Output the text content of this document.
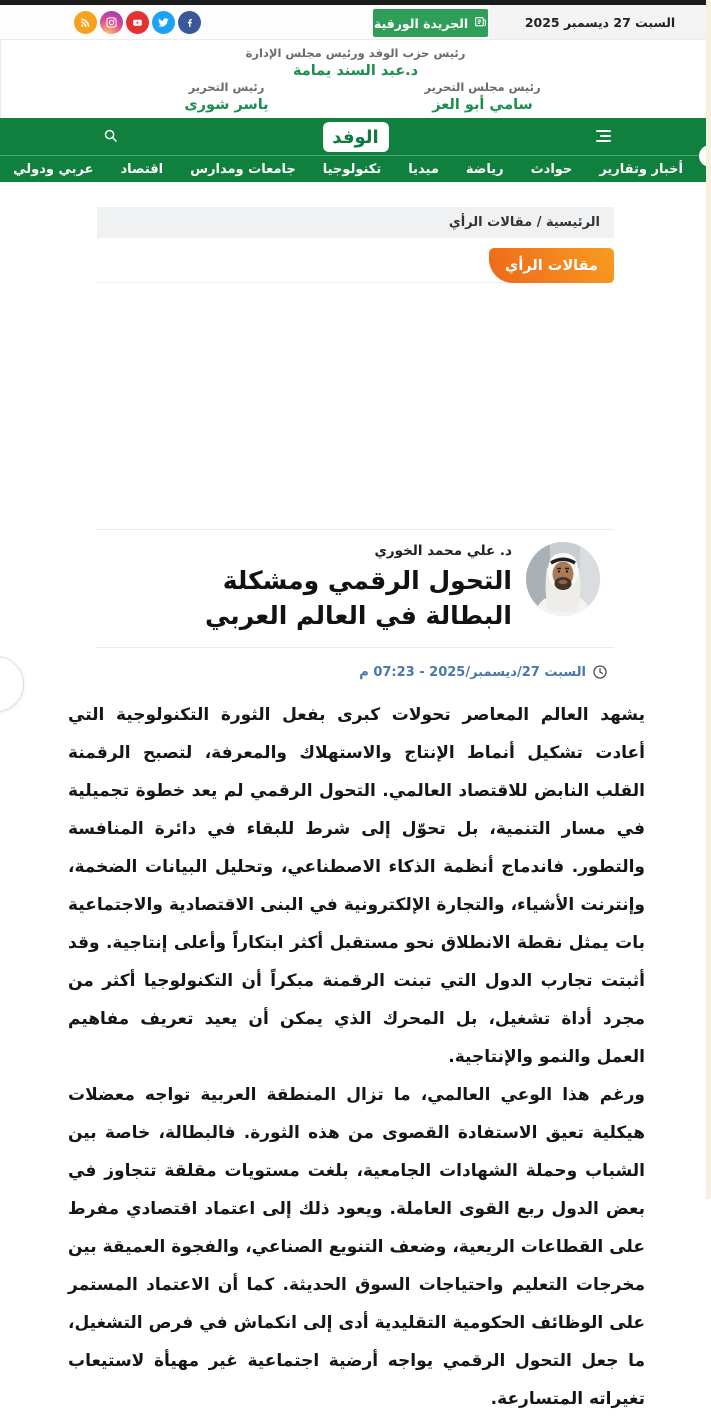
الجريدة الورقية	السبت 27 ديسمبر 2025
رئيس حزب الوفد ورئيس مجلس الإدارة
د.عبد السند يمامة
رئيس مجلس التحرير
سامي أبو العز
رئيس التحرير
ياسر شورى
الوفد
أخبار وتقارير
حوادث
رياضة
ميديا
تكنولوجيا
جامعات ومدارس
اقتصاد
عربي ودولي
الرئيسية / مقالات الرأي
مقالات الرأي
د. علي محمد الخوري
التحول الرقمي ومشكلة البطالة في العالم العربي
السبت 27/ديسمبر/2025 - 07:23 م

يشهد العالم المعاصر تحولات كبرى بفعل الثورة التكنولوجية التي أعادت تشكيل أنماط الإنتاج والاستهلاك والمعرفة، لتصبح الرقمنة القلب النابض للاقتصاد العالمي. التحول الرقمي لم يعد خطوة تجميلية في مسار التنمية، بل تحوّل إلى شرط للبقاء في دائرة المنافسة والتطور. فاندماج أنظمة الذكاء الاصطناعي، وتحليل البيانات الضخمة، وإنترنت الأشياء، والتجارة الإلكترونية في البنى الاقتصادية والاجتماعية بات يمثل نقطة الانطلاق نحو مستقبل أكثر ابتكاراً وأعلى إنتاجية. وقد أثبتت تجارب الدول التي تبنت الرقمنة مبكراً أن التكنولوجيا أكثر من مجرد أداة تشغيل، بل المحرك الذي يمكن أن يعيد تعريف مفاهيم العمل والنمو والإنتاجية.

ورغم هذا الوعي العالمي، ما تزال المنطقة العربية تواجه معضلات هيكلية تعيق الاستفادة القصوى من هذه الثورة. فالبطالة، خاصة بين الشباب وحملة الشهادات الجامعية، بلغت مستويات مقلقة تتجاوز في بعض الدول ربع القوى العاملة. ويعود ذلك إلى اعتماد اقتصادي مفرط على القطاعات الريعية، وضعف التنويع الصناعي، والفجوة العميقة بين مخرجات التعليم واحتياجات السوق الحديثة. كما أن الاعتماد المستمر على الوظائف الحكومية التقليدية أدى إلى انكماش في فرص التشغيل، ما جعل التحول الرقمي يواجه أرضية اجتماعية غير مهيأة لاستيعاب تغيراته المتسارعة.
